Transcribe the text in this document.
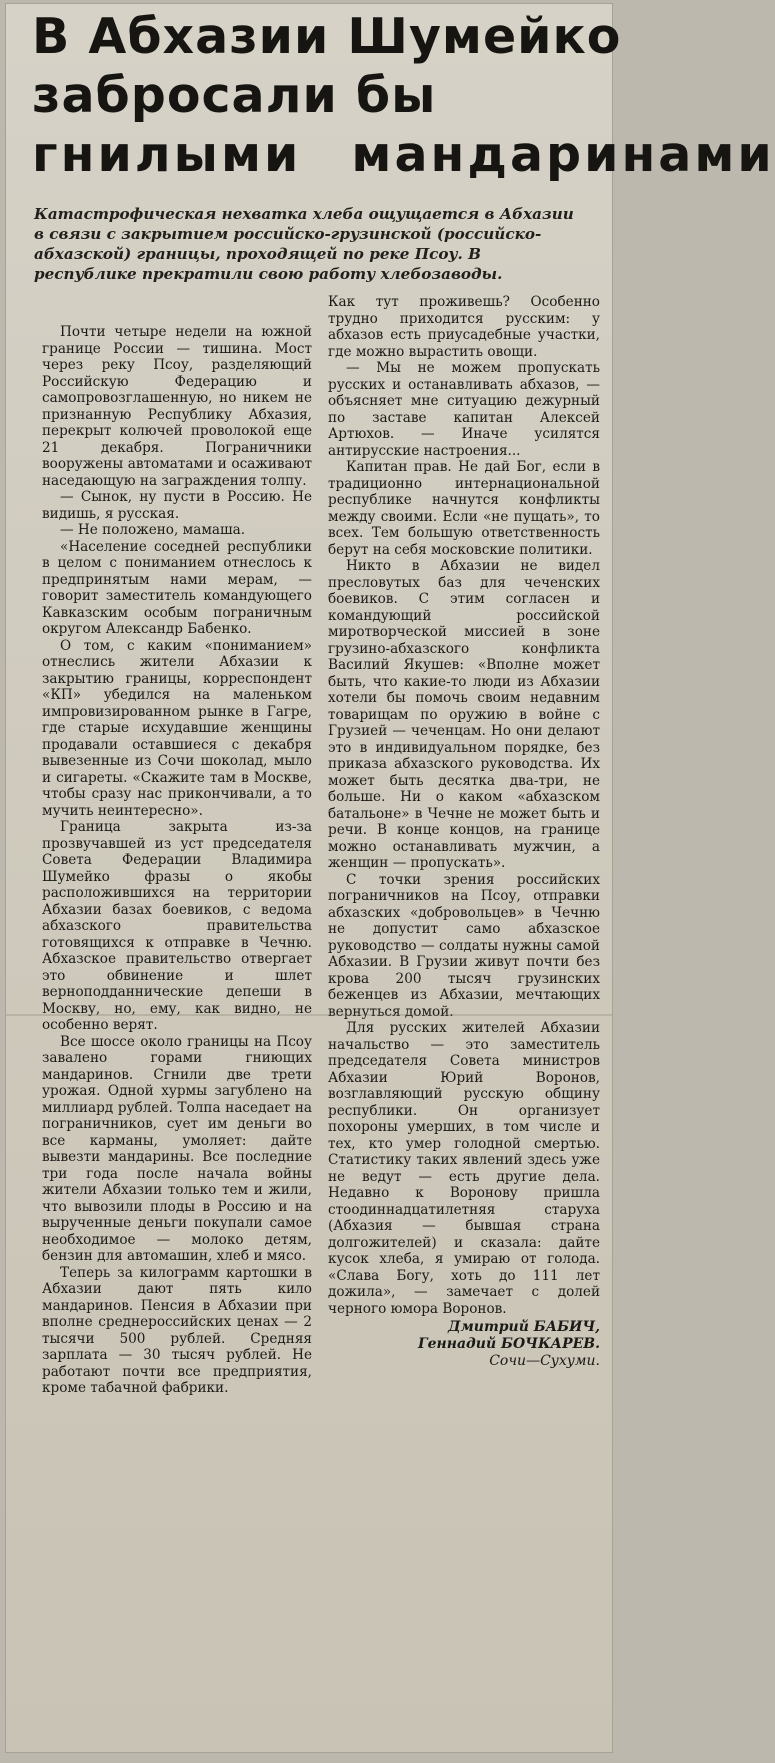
В Абхазии Шумейко
забросали бы
гнилыми мандаринами
Катастрофическая нехватка хлеба ощущается в Абхазии в связи с закрытием российско-грузинской (российско-абхазской) границы, проходящей по реке Псоу. В республике прекратили свою работу хлебозаводы.

Почти четыре недели на южной границе России — тишина. Мост через реку Псоу, разделяющий Российскую Федерацию и самопровозглашенную, но никем не признанную Республику Абхазия, перекрыт колючей проволокой еще 21 декабря. Пограничники вооружены автоматами и осаживают наседающую на заграждения толпу.

— Сынок, ну пусти в Россию. Не видишь, я русская.

— Не положено, мамаша.

«Население соседней республики в целом с пониманием отнеслось к предпринятым нами мерам, — говорит заместитель командующего Кавказским особым пограничным округом Александр Бабенко.

О том, с каким «пониманием» отнеслись жители Абхазии к закрытию границы, корреспондент «КП» убедился на маленьком импровизированном рынке в Гагре, где старые исхудавшие женщины продавали оставшиеся с декабря вывезенные из Сочи шоколад, мыло и сигареты. «Скажите там в Москве, чтобы сразу нас прикончивали, а то мучить неинтересно».

Граница закрыта из-за прозвучавшей из уст председателя Совета Федерации Владимира Шумейко фразы о якобы расположившихся на территории Абхазии базах боевиков, с ведома абхазского правительства готовящихся к отправке в Чечню. Абхазское правительство отвергает это обвинение и шлет верноподданнические депеши в Москву, но, ему, как видно, не особенно верят.

Все шоссе около границы на Псоу завалено горами гниющих мандаринов. Сгнили две трети урожая. Одной хурмы загублено на миллиард рублей. Толпа наседает на пограничников, сует им деньги во все карманы, умоляет: дайте вывезти мандарины. Все последние три года после начала войны жители Абхазии только тем и жили, что вывозили плоды в Россию и на вырученные деньги покупали самое необходимое — молоко детям, бензин для автомашин, хлеб и мясо.

Теперь за килограмм картошки в Абхазии дают пять кило мандаринов. Пенсия в Абхазии при вполне среднероссийских ценах — 2 тысячи 500 рублей. Средняя зарплата — 30 тысяч рублей. Не работают почти все предприятия, кроме табачной фабрики.

Как тут проживешь? Особенно трудно приходится русским: у абхазов есть приусадебные участки, где можно вырастить овощи.

— Мы не можем пропускать русских и останавливать абхазов, — объясняет мне ситуацию дежурный по заставе капитан Алексей Артюхов. — Иначе усилятся антирусские настроения...

Капитан прав. Не дай Бог, если в традиционно интернациональной республике начнутся конфликты между своими. Если «не пущать», то всех. Тем большую ответственность берут на себя московские политики.

Никто в Абхазии не видел пресловутых баз для чеченских боевиков. С этим согласен и командующий российской миротворческой миссией в зоне грузино-абхазского конфликта Василий Якушев: «Вполне может быть, что какие-то люди из Абхазии хотели бы помочь своим недавним товарищам по оружию в войне с Грузией — чеченцам. Но они делают это в индивидуальном порядке, без приказа абхазского руководства. Их может быть десятка два-три, не больше. Ни о каком «абхазском батальоне» в Чечне не может быть и речи. В конце концов, на границе можно останавливать мужчин, а женщин — пропускать».

С точки зрения российских пограничников на Псоу, отправки абхазских «добровольцев» в Чечню не допустит само абхазское руководство — солдаты нужны самой Абхазии. В Грузии живут почти без крова 200 тысяч грузинских беженцев из Абхазии, мечтающих вернуться домой.

Для русских жителей Абхазии начальство — это заместитель председателя Совета министров Абхазии Юрий Воронов, возглавляющий русскую общину республики. Он организует похороны умерших, в том числе и тех, кто умер голодной смертью. Статистику таких явлений здесь уже не ведут — есть другие дела. Недавно к Воронову пришла стоодиннадцатилетняя старуха (Абхазия — бывшая страна долгожителей) и сказала: дайте кусок хлеба, я умираю от голода. «Слава Богу, хоть до 111 лет дожила», — замечает с долей черного юмора Воронов.

Дмитрий БАБИЧ,
Геннадий БОЧКАРЕВ.
Сочи—Сухуми.
